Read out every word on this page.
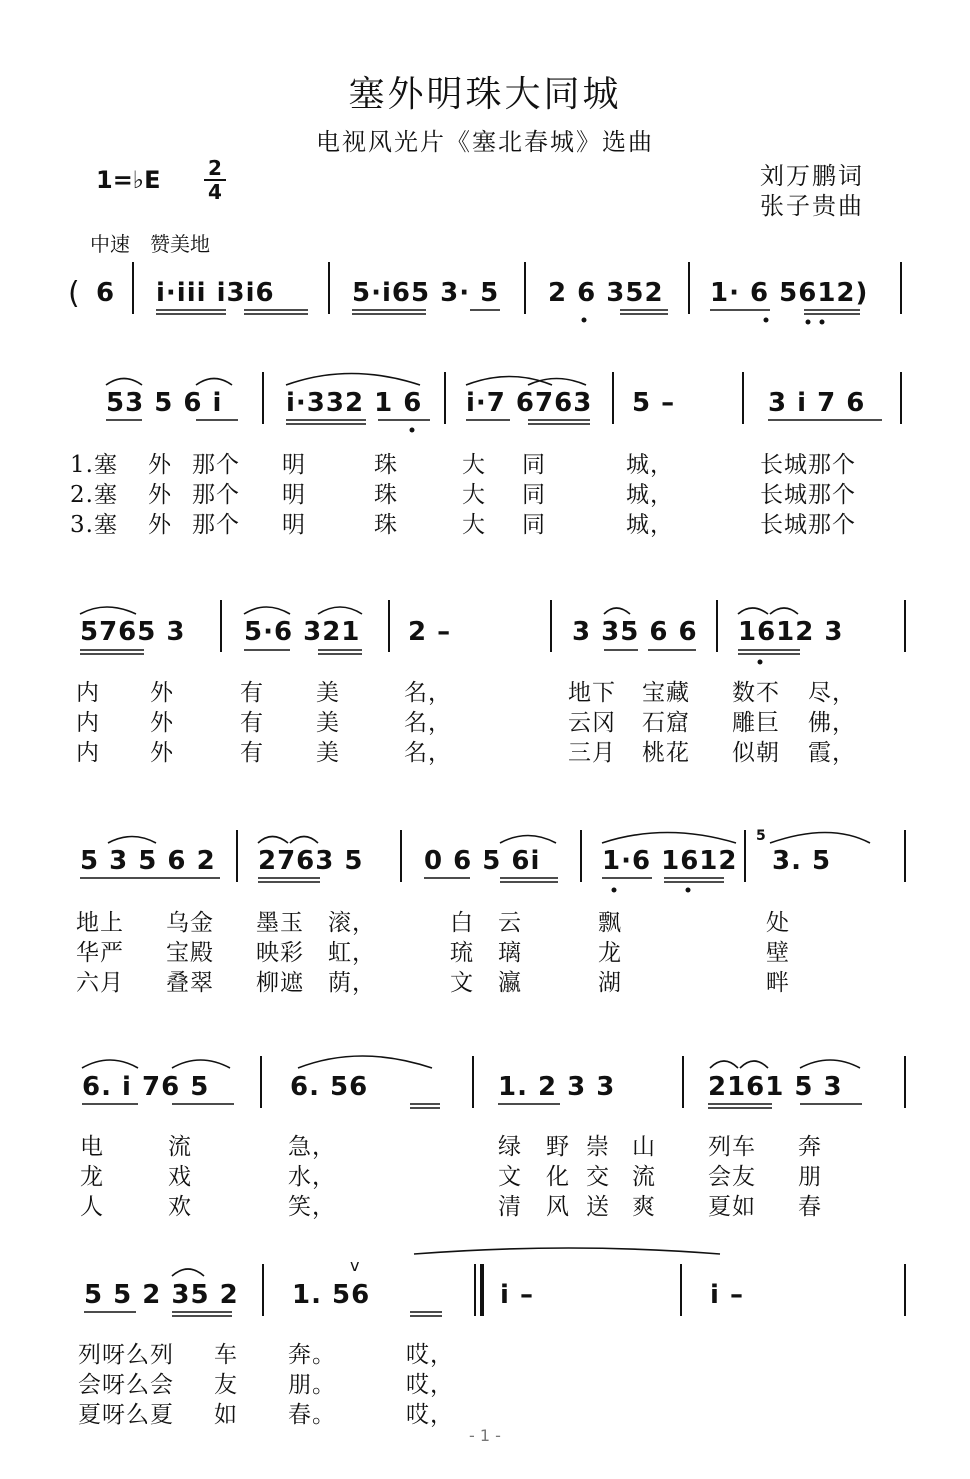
塞外明珠大同城
电视风光片《塞北春城》选曲
刘万鹏词
张子贵曲
1=♭E 2
4
中速　赞美地
( 6 i·iii i3i6	5·i65 3· 5 2 6 352 1· 6 5612)
53 5 6 i i·332 1 6 i·7 6763 5 –	3 i 7 6
1.塞 外 那个 明	珠	大 同	城，	长城那个
2.塞 外 那个 明	珠	大 同	城，	长城那个
3.塞 外 那个 明	珠	大 同	城，	长城那个
5765 3 5·6 321 2 –	3 35 6 6 1612 3
内 外	有 美	名，	地下 宝藏 数不 尽，
内 外	有 美	名，	云冈 石窟 雕巨 佛，
内 外	有 美	名，	三月 桃花 似朝 霞，
5 3 5 6 2 2763 5 0 6 5 6i 1·6 1612
5
3. 5
地上 乌金 墨玉 滚，	白 云	飘	处
华严 宝殿 映彩 虹，	琉 璃	龙	壁
六月 叠翠 柳遮 荫，	文 瀛	湖	畔
6. i 76 5	6. 56	1. 2 3 3	2161 5 3
电	流	急，	绿 野 崇 山 列车 奔
龙	戏	水，	文 化 交 流 会友 朋
人	欢	笑，	清 风 送 爽 夏如 春
5 5 2 35 2 1. 56
v
i –	i –
列呀么列 车 奔。	哎，
会呀么会 友 朋。	哎，
夏呀么夏 如 春。	哎，
- 1 -
